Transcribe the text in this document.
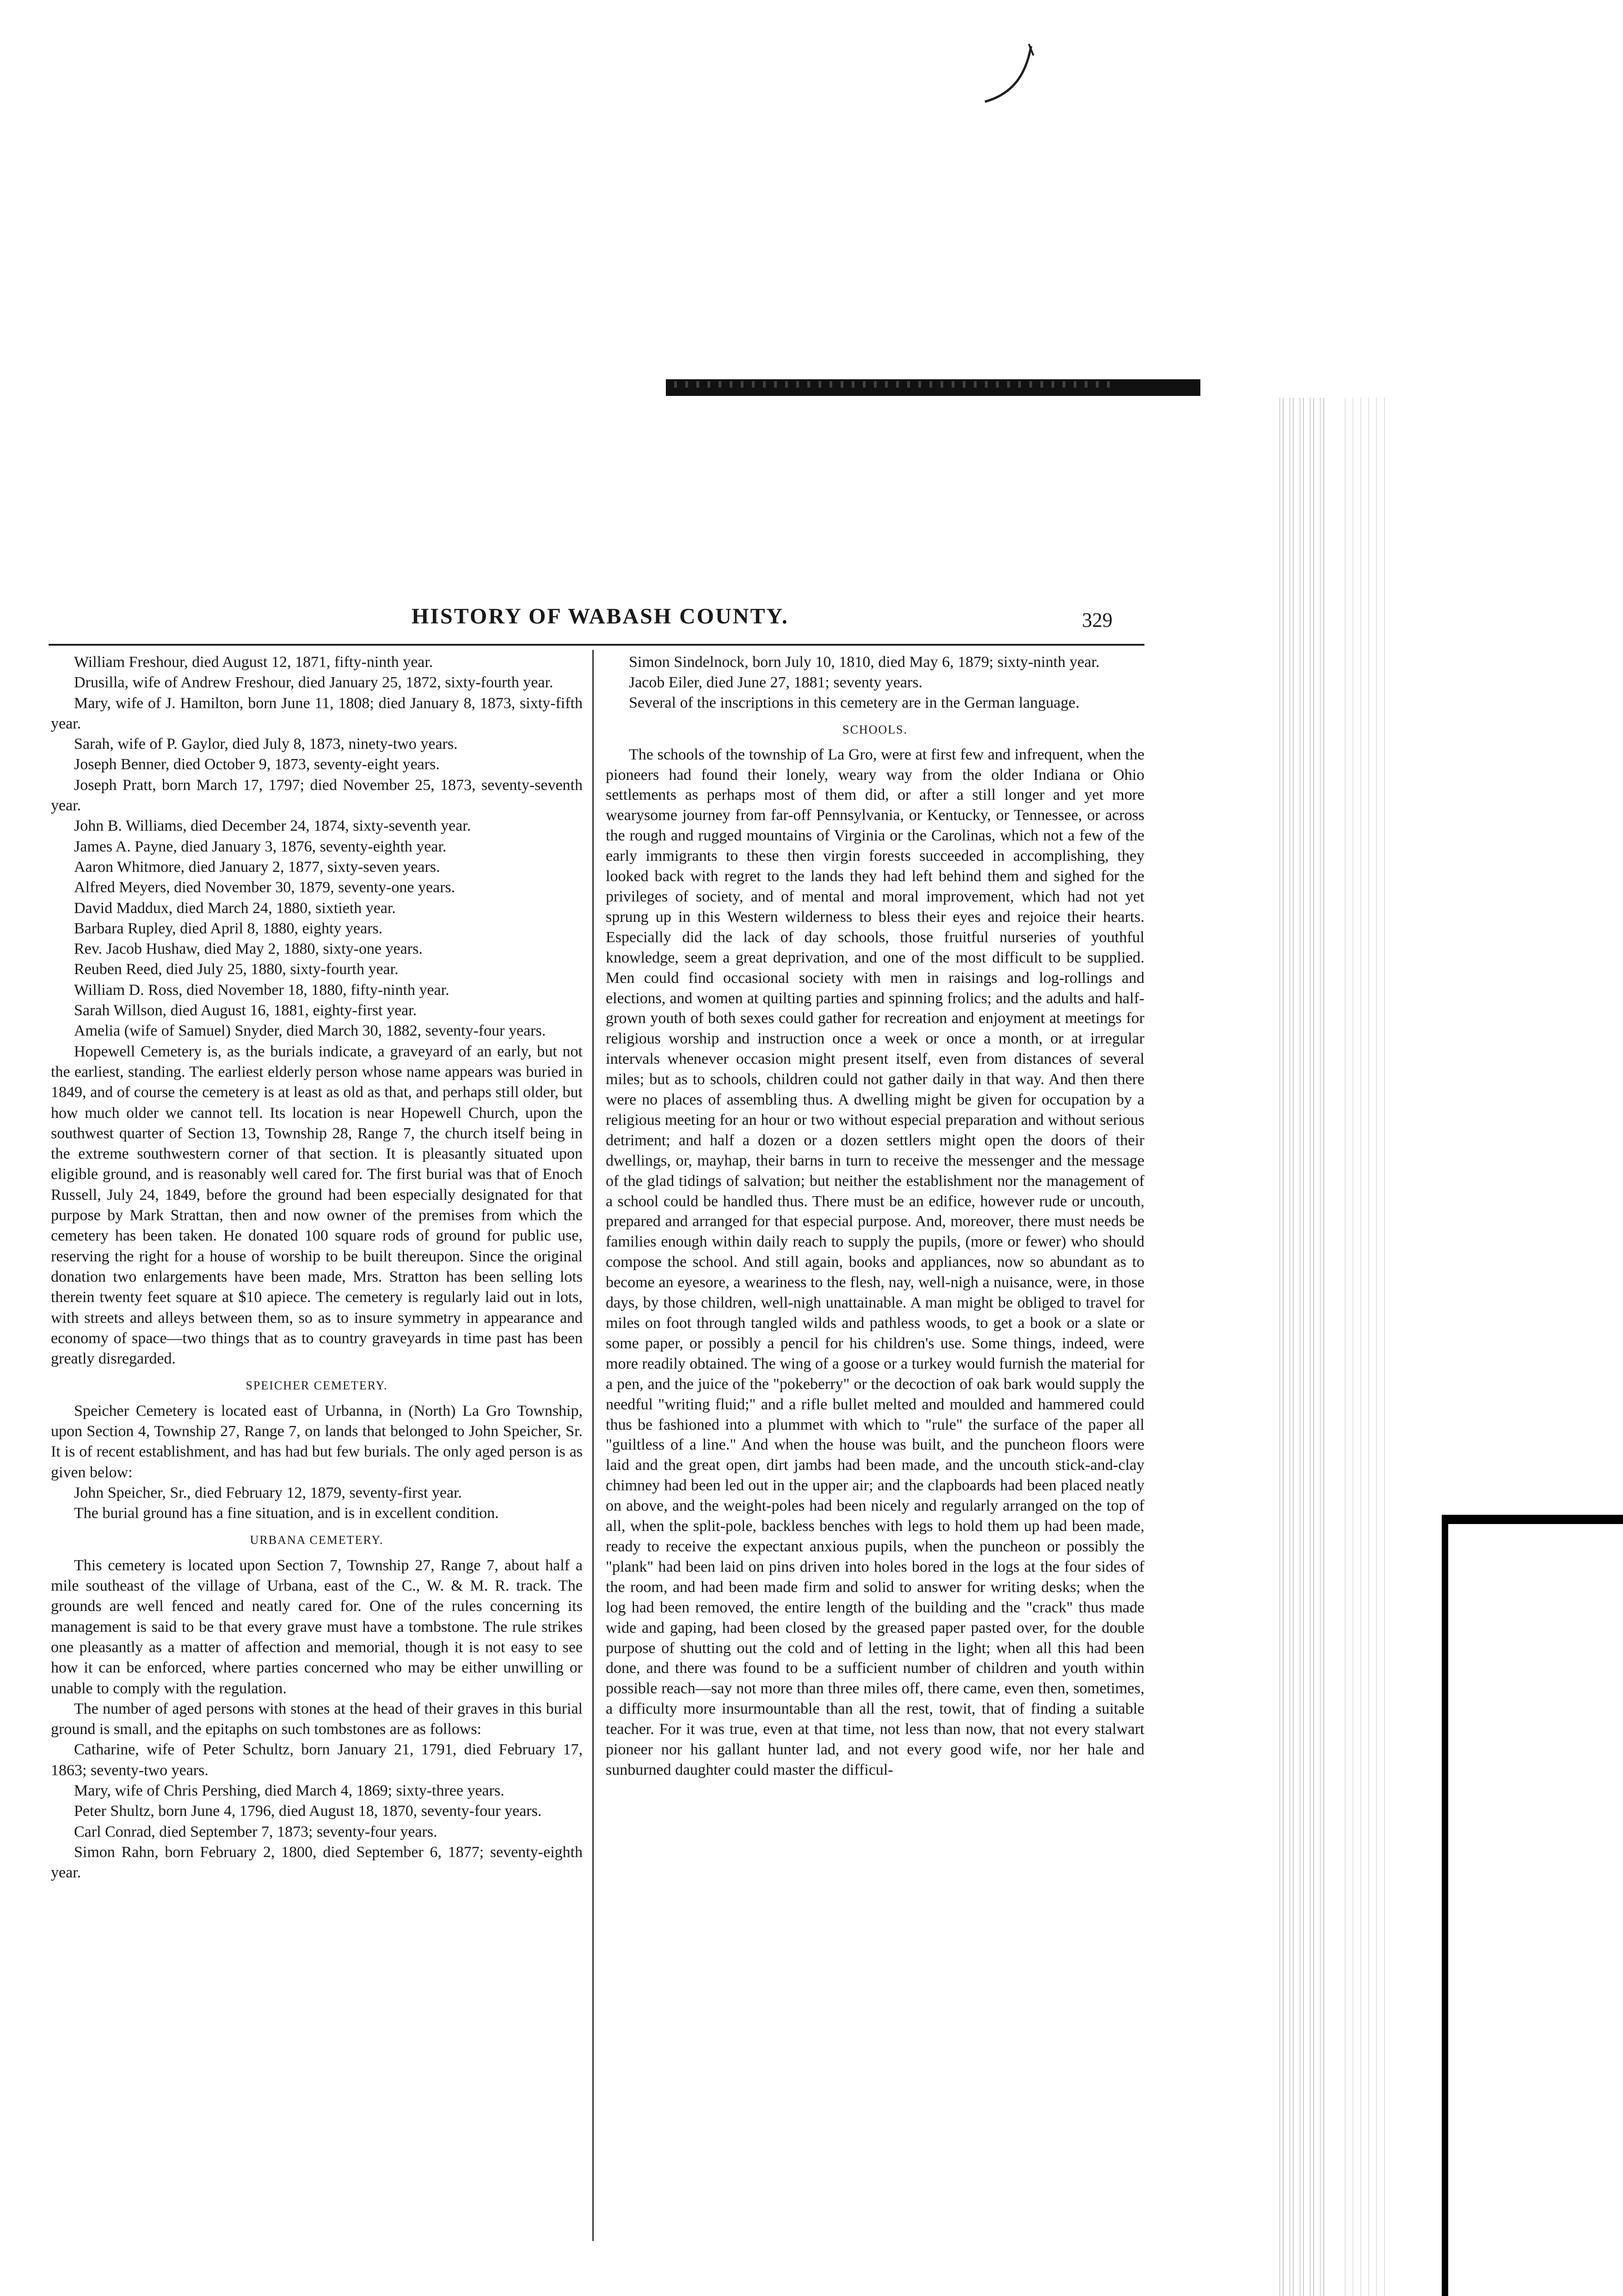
HISTORY OF WABASH COUNTY.	329

William Freshour, died August 12, 1871, fifty-ninth year.

Drusilla, wife of Andrew Freshour, died January 25, 1872, sixty-fourth year.

Mary, wife of J. Hamilton, born June 11, 1808; died January 8, 1873, sixty-fifth year.

Sarah, wife of P. Gaylor, died July 8, 1873, ninety-two years.

Joseph Benner, died October 9, 1873, seventy-eight years.

Joseph Pratt, born March 17, 1797; died November 25, 1873, seventy-seventh year.

John B. Williams, died December 24, 1874, sixty-seventh year.

James A. Payne, died January 3, 1876, seventy-eighth year.

Aaron Whitmore, died January 2, 1877, sixty-seven years.

Alfred Meyers, died November 30, 1879, seventy-one years.

David Maddux, died March 24, 1880, sixtieth year.

Barbara Rupley, died April 8, 1880, eighty years.

Rev. Jacob Hushaw, died May 2, 1880, sixty-one years.

Reuben Reed, died July 25, 1880, sixty-fourth year.

William D. Ross, died November 18, 1880, fifty-ninth year.

Sarah Willson, died August 16, 1881, eighty-first year.

Amelia (wife of Samuel) Snyder, died March 30, 1882, seventy-four years.

Hopewell Cemetery is, as the burials indicate, a graveyard of an early, but not the earliest, standing. The earliest elderly person whose name appears was buried in 1849, and of course the cemetery is at least as old as that, and perhaps still older, but how much older we cannot tell. Its location is near Hopewell Church, upon the southwest quarter of Section 13, Township 28, Range 7, the church itself being in the extreme southwestern corner of that section. It is pleasantly situated upon eligible ground, and is reasonably well cared for. The first burial was that of Enoch Russell, July 24, 1849, before the ground had been especially designated for that purpose by Mark Strattan, then and now owner of the premises from which the cemetery has been taken. He donated 100 square rods of ground for public use, reserving the right for a house of worship to be built thereupon. Since the original donation two enlargements have been made, Mrs. Stratton has been selling lots therein twenty feet square at $10 apiece. The cemetery is regularly laid out in lots, with streets and alleys between them, so as to insure symmetry in appearance and economy of space—two things that as to country graveyards in time past has been greatly disregarded.

SPEICHER CEMETERY.

Speicher Cemetery is located east of Urbanna, in (North) La Gro Township, upon Section 4, Township 27, Range 7, on lands that belonged to John Speicher, Sr. It is of recent establishment, and has had but few burials. The only aged person is as given below:

John Speicher, Sr., died February 12, 1879, seventy-first year.

The burial ground has a fine situation, and is in excellent condition.

URBANA CEMETERY.

This cemetery is located upon Section 7, Township 27, Range 7, about half a mile southeast of the village of Urbana, east of the C., W. & M. R. track. The grounds are well fenced and neatly cared for. One of the rules concerning its management is said to be that every grave must have a tombstone. The rule strikes one pleasantly as a matter of affection and memorial, though it is not easy to see how it can be enforced, where parties concerned who may be either unwilling or unable to comply with the regulation.

The number of aged persons with stones at the head of their graves in this burial ground is small, and the epitaphs on such tombstones are as follows:

Catharine, wife of Peter Schultz, born January 21, 1791, died February 17, 1863; seventy-two years.

Mary, wife of Chris Pershing, died March 4, 1869; sixty-three years.

Peter Shultz, born June 4, 1796, died August 18, 1870, seventy-four years.

Carl Conrad, died September 7, 1873; seventy-four years.

Simon Rahn, born February 2, 1800, died September 6, 1877; seventy-eighth year.

Simon Sindelnock, born July 10, 1810, died May 6, 1879; sixty-ninth year.

Jacob Eiler, died June 27, 1881; seventy years.

Several of the inscriptions in this cemetery are in the German language.

SCHOOLS.

The schools of the township of La Gro, were at first few and infrequent, when the pioneers had found their lonely, weary way from the older Indiana or Ohio settlements as perhaps most of them did, or after a still longer and yet more wearysome journey from far-off Pennsylvania, or Kentucky, or Tennessee, or across the rough and rugged mountains of Virginia or the Carolinas, which not a few of the early immigrants to these then virgin forests succeeded in accomplishing, they looked back with regret to the lands they had left behind them and sighed for the privileges of society, and of mental and moral improvement, which had not yet sprung up in this Western wilderness to bless their eyes and rejoice their hearts. Especially did the lack of day schools, those fruitful nurseries of youthful knowledge, seem a great deprivation, and one of the most difficult to be supplied. Men could find occasional society with men in raisings and log-rollings and elections, and women at quilting parties and spinning frolics; and the adults and half-grown youth of both sexes could gather for recreation and enjoyment at meetings for religious worship and instruction once a week or once a month, or at irregular intervals whenever occasion might present itself, even from distances of several miles; but as to schools, children could not gather daily in that way. And then there were no places of assembling thus. A dwelling might be given for occupation by a religious meeting for an hour or two without especial preparation and without serious detriment; and half a dozen or a dozen settlers might open the doors of their dwellings, or, mayhap, their barns in turn to receive the messenger and the message of the glad tidings of salvation; but neither the establishment nor the management of a school could be handled thus. There must be an edifice, however rude or uncouth, prepared and arranged for that especial purpose. And, moreover, there must needs be families enough within daily reach to supply the pupils, (more or fewer) who should compose the school. And still again, books and appliances, now so abundant as to become an eyesore, a weariness to the flesh, nay, well-nigh a nuisance, were, in those days, by those children, well-nigh unattainable. A man might be obliged to travel for miles on foot through tangled wilds and pathless woods, to get a book or a slate or some paper, or possibly a pencil for his children's use. Some things, indeed, were more readily obtained. The wing of a goose or a turkey would furnish the material for a pen, and the juice of the "pokeberry" or the decoction of oak bark would supply the needful "writing fluid;" and a rifle bullet melted and moulded and hammered could thus be fashioned into a plummet with which to "rule" the surface of the paper all "guiltless of a line." And when the house was built, and the puncheon floors were laid and the great open, dirt jambs had been made, and the uncouth stick-and-clay chimney had been led out in the upper air; and the clapboards had been placed neatly on above, and the weight-poles had been nicely and regularly arranged on the top of all, when the split-pole, backless benches with legs to hold them up had been made, ready to receive the expectant anxious pupils, when the puncheon or possibly the "plank" had been laid on pins driven into holes bored in the logs at the four sides of the room, and had been made firm and solid to answer for writing desks; when the log had been removed, the entire length of the building and the "crack" thus made wide and gaping, had been closed by the greased paper pasted over, for the double purpose of shutting out the cold and of letting in the light; when all this had been done, and there was found to be a sufficient number of children and youth within possible reach—say not more than three miles off, there came, even then, sometimes, a difficulty more insurmountable than all the rest, towit, that of finding a suitable teacher. For it was true, even at that time, not less than now, that not every stalwart pioneer nor his gallant hunter lad, and not every good wife, nor her hale and sunburned daughter could master the difficul-
